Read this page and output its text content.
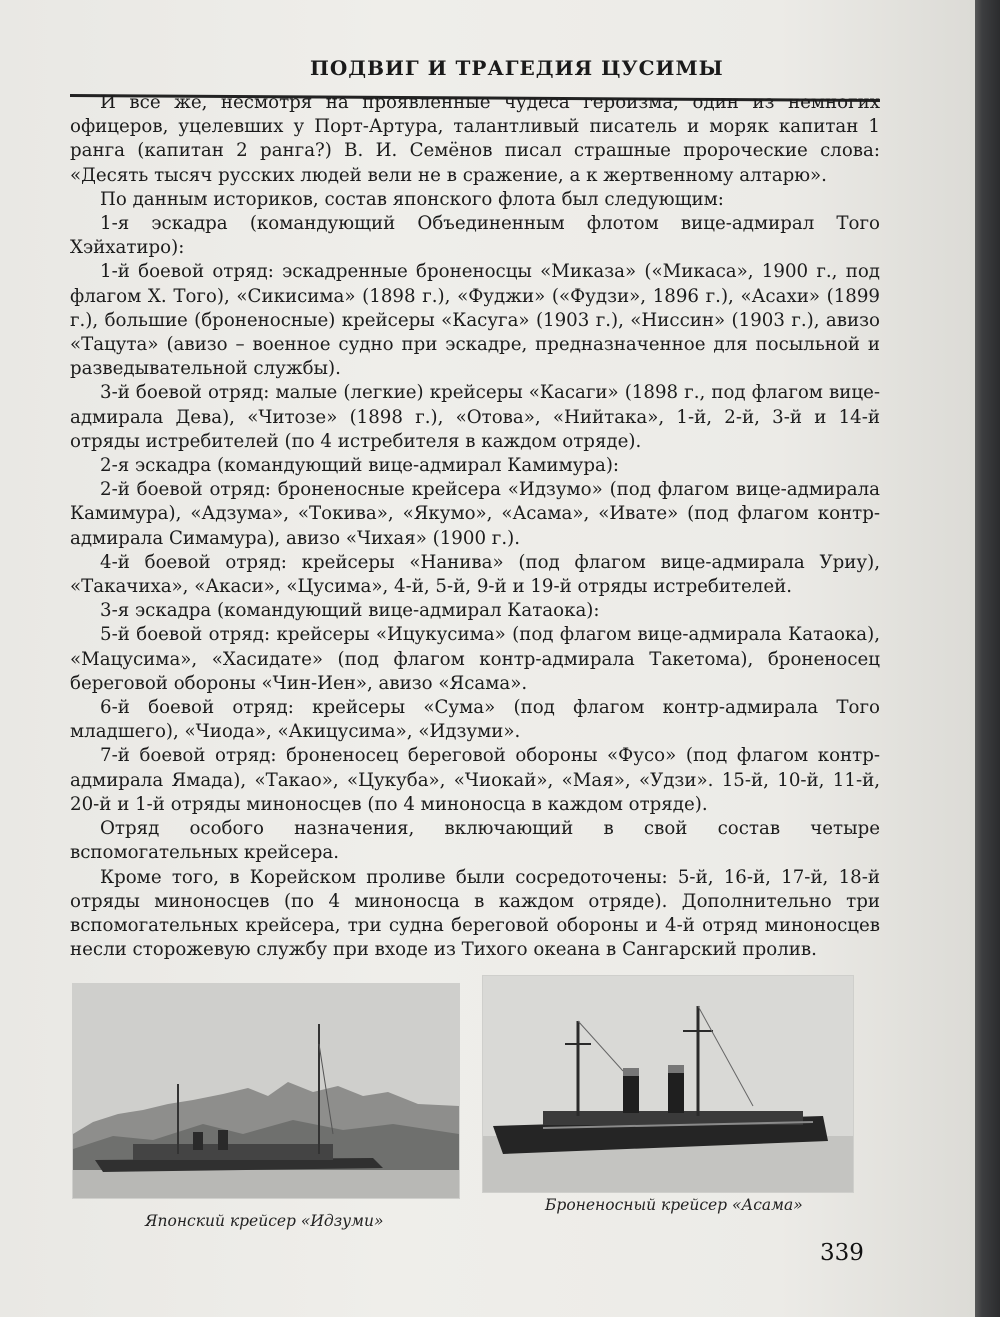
ПОДВИГ И ТРАГЕДИЯ ЦУСИМЫ

И все же, несмотря на проявленные чудеса героизма, один из немногих офицеров, уцелевших у Порт-Артура, талантливый писатель и моряк капитан 1 ранга (капитан 2 ранга?) В. И. Семёнов писал страшные пророческие слова: «Десять тысяч русских людей вели не в сражение, а к жертвенному алтарю».

По данным историков, состав японского флота был следующим:

1-я эскадра (командующий Объединенным флотом вице-адмирал Того Хэйхатиро):

1-й боевой отряд: эскадренные броненосцы «Миказа» («Микаса», 1900 г., под флагом Х. Того), «Сикисима» (1898 г.), «Фуджи» («Фудзи», 1896 г.), «Асахи» (1899 г.), большие (броненосные) крейсеры «Касуга» (1903 г.), «Ниссин» (1903 г.), авизо «Тацута» (авизо – военное судно при эскадре, предназначенное для посыльной и разведывательной службы).

3-й боевой отряд: малые (легкие) крейсеры «Касаги» (1898 г., под флагом вице-адмирала Дева), «Читозе» (1898 г.), «Отова», «Нийтака», 1-й, 2-й, 3-й и 14-й отряды истребителей (по 4 истребителя в каждом отряде).

2-я эскадра (командующий вице-адмирал Камимура):

2-й боевой отряд: броненосные крейсера «Идзумо» (под флагом вице-адмирала Камимура), «Адзума», «Токива», «Якумо», «Асама», «Ивате» (под флагом контр-адмирала Симамура), авизо «Чихая» (1900 г.).

4-й боевой отряд: крейсеры «Нанива» (под флагом вице-адмирала Уриу), «Такачиха», «Акаси», «Цусима», 4-й, 5-й, 9-й и 19-й отряды истребителей.

3-я эскадра (командующий вице-адмирал Катаока):

5-й боевой отряд: крейсеры «Ицукусима» (под флагом вице-адмирала Катаока), «Мацусима», «Хасидате» (под флагом контр-адмирала Такетома), броненосец береговой обороны «Чин-Иен», авизо «Ясама».

6-й боевой отряд: крейсеры «Сума» (под флагом контр-адмирала Того младшего), «Чиода», «Акицусима», «Идзуми».

7-й боевой отряд: броненосец береговой обороны «Фусо» (под флагом контр-адмирала Ямада), «Такао», «Цукуба», «Чиокай», «Мая», «Удзи». 15-й, 10-й, 11-й, 20-й и 1-й отряды миноносцев (по 4 миноносца в каждом отряде).

Отряд особого назначения, включающий в свой состав четыре вспомогательных крейсера.

Кроме того, в Корейском проливе были сосредоточены: 5-й, 16-й, 17-й, 18-й отряды миноносцев (по 4 миноносца в каждом отряде). Дополнительно три вспомогательных крейсера, три судна береговой обороны и 4-й отряд миноносцев несли сторожевую службу при входе из Тихого океана в Сангарский пролив.

Японский крейсер «Идзуми»
Броненосный крейсер «Асама»
339
